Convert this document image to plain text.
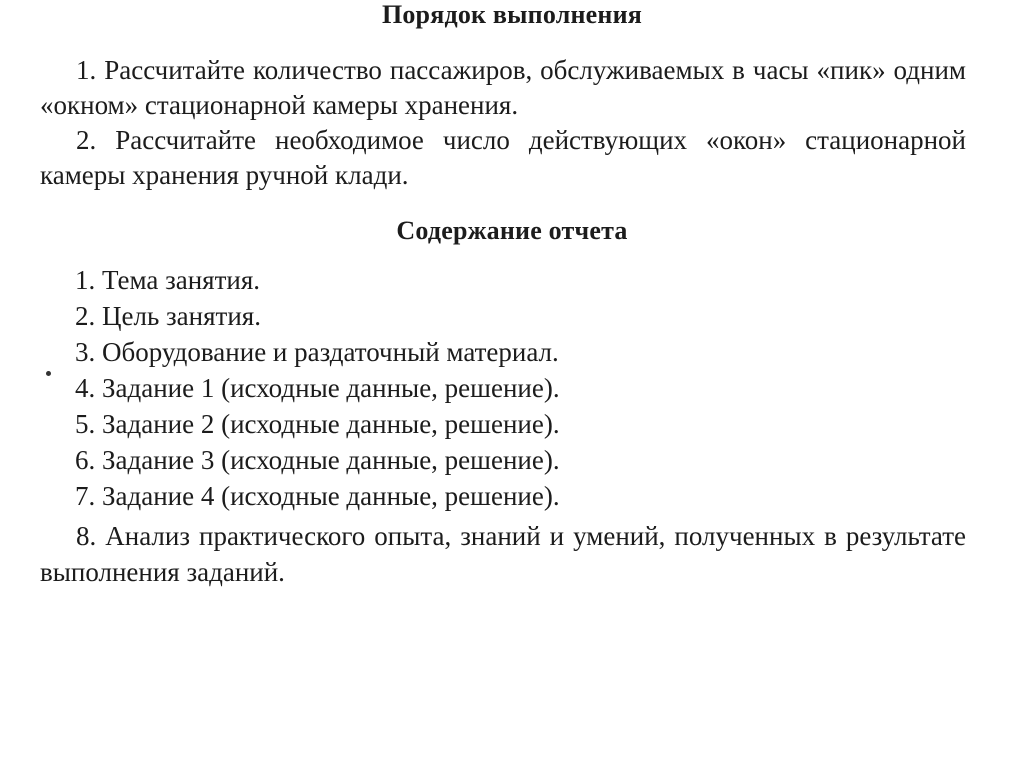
Порядок выполнения
1. Рассчитайте количество пассажиров, обслуживаемых в часы «пик» одним «окном» стационарной камеры хранения.
2. Рассчитайте необходимое число действующих «окон» стационарной камеры хранения ручной клади.
Содержание отчета
1. Тема занятия.
2. Цель занятия.
3. Оборудование и раздаточный материал.
4. Задание 1 (исходные данные, решение).
5. Задание 2 (исходные данные, решение).
6. Задание 3 (исходные данные, решение).
7. Задание 4 (исходные данные, решение).
8. Анализ практического опыта, знаний и умений, полученных в результате выполнения заданий.
